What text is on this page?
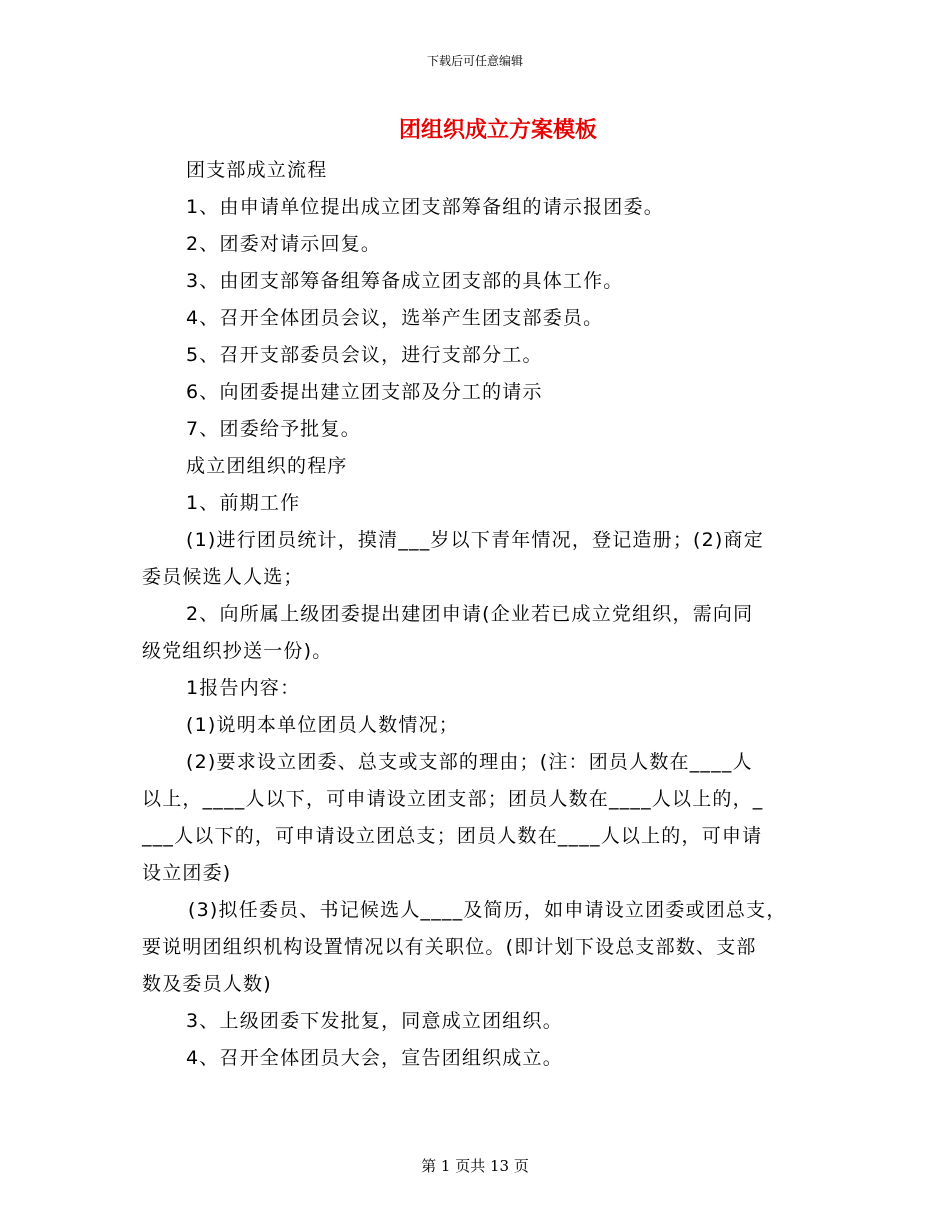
下载后可任意编辑
团组织成立方案模板
团支部成立流程
1、由申请单位提出成立团支部筹备组的请示报团委。
2、团委对请示回复。
3、由团支部筹备组筹备成立团支部的具体工作。
4、召开全体团员会议，选举产生团支部委员。
5、召开支部委员会议，进行支部分工。
6、向团委提出建立团支部及分工的请示
7、团委给予批复。
成立团组织的程序
1、前期工作
(1)进行团员统计，摸清___岁以下青年情况，登记造册；(2)商定
委员候选人人选；
2、向所属上级团委提出建团申请(企业若已成立党组织，需向同
级党组织抄送一份)。
1报告内容：
(1)说明本单位团员人数情况；
(2)要求设立团委、总支或支部的理由；(注：团员人数在____人
以上，____人以下，可申请设立团支部；团员人数在____人以上的，_
___人以下的，可申请设立团总支；团员人数在____人以上的，可申请
设立团委)
(3)拟任委员、书记候选人____及简历，如申请设立团委或团总支，
要说明团组织机构设置情况以有关职位。(即计划下设总支部数、支部
数及委员人数)
3、上级团委下发批复，同意成立团组织。
4、召开全体团员大会，宣告团组织成立。
第 1 页共 13 页
